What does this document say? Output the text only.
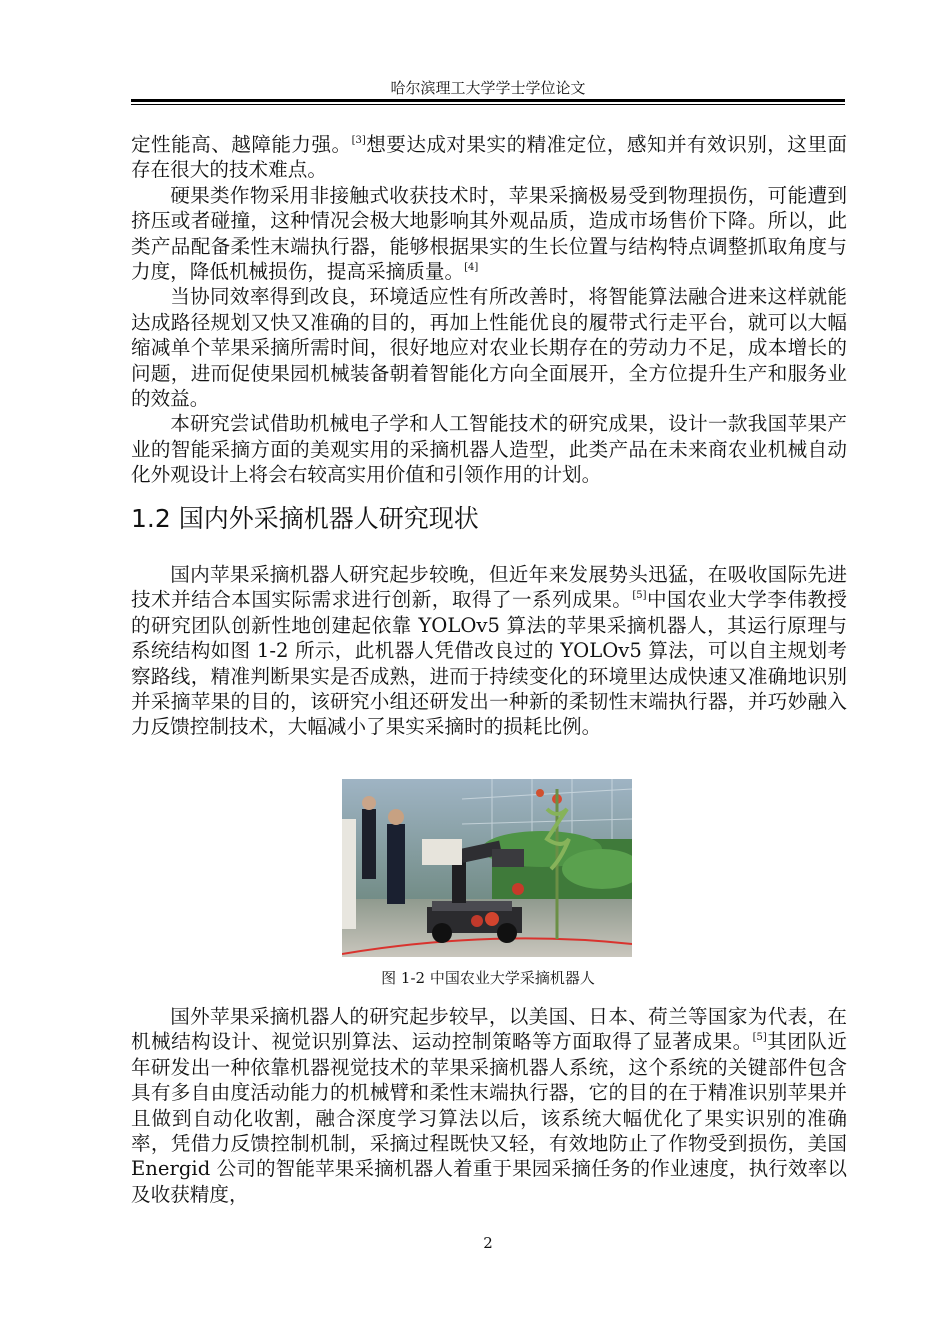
哈尔滨理工大学学士学位论文

定性能高、越障能力强。[3]想要达成对果实的精准定位，感知并有效识别，这里面存在很大的技术难点。

硬果类作物采用非接触式收获技术时，苹果采摘极易受到物理损伤，可能遭到挤压或者碰撞，这种情况会极大地影响其外观品质，造成市场售价下降。所以，此类产品配备柔性末端执行器，能够根据果实的生长位置与结构特点调整抓取角度与力度，降低机械损伤，提高采摘质量。[4]

当协同效率得到改良，环境适应性有所改善时，将智能算法融合进来这样就能达成路径规划又快又准确的目的，再加上性能优良的履带式行走平台，就可以大幅缩减单个苹果采摘所需时间，很好地应对农业长期存在的劳动力不足，成本增长的问题，进而促使果园机械装备朝着智能化方向全面展开，全方位提升生产和服务业的效益。

本研究尝试借助机械电子学和人工智能技术的研究成果，设计一款我国苹果产业的智能采摘方面的美观实用的采摘机器人造型，此类产品在未来商农业机械自动化外观设计上将会右较高实用价值和引领作用的计划。

1.2 国内外采摘机器人研究现状

国内苹果采摘机器人研究起步较晚，但近年来发展势头迅猛，在吸收国际先进技术并结合本国实际需求进行创新，取得了一系列成果。[5]中国农业大学李伟教授的研究团队创新性地创建起依靠 YOLOv5 算法的苹果采摘机器人，其运行原理与系统结构如图 1-2 所示，此机器人凭借改良过的 YOLOv5 算法，可以自主规划考察路线，精准判断果实是否成熟，进而于持续变化的环境里达成快速又准确地识别并采摘苹果的目的，该研究小组还研发出一种新的柔韧性末端执行器，并巧妙融入力反馈控制技术，大幅减小了果实采摘时的损耗比例。

图 1-2 中国农业大学采摘机器人

国外苹果采摘机器人的研究起步较早，以美国、日本、荷兰等国家为代表，在机械结构设计、视觉识别算法、运动控制策略等方面取得了显著成果。[5]其团队近年研发出一种依靠机器视觉技术的苹果采摘机器人系统，这个系统的关键部件包含具有多自由度活动能力的机械臂和柔性末端执行器，它的目的在于精准识别苹果并且做到自动化收割，融合深度学习算法以后，该系统大幅优化了果实识别的准确率，凭借力反馈控制机制，采摘过程既快又轻，有效地防止了作物受到损伤，美国 Energid 公司的智能苹果采摘机器人着重于果园采摘任务的作业速度，执行效率以及收获精度，

2
